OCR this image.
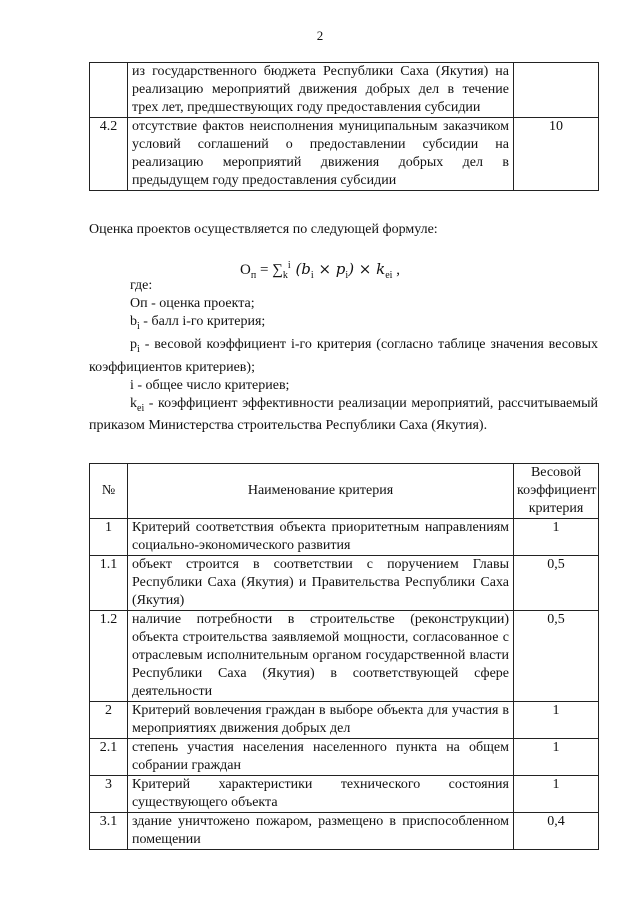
2
	из государственного бюджета Республики Саха (Якутия) на реализацию мероприятий движения добрых дел в течение трех лет, предшествующих году предоставления субсидии	
4.2	отсутствие фактов неисполнения муниципальным заказчиком условий соглашений о предоставлении субсидии на реализацию мероприятий движения добрых дел в предыдущем году предоставления субсидии	10
Оценка проектов осуществляется по следующей формуле:
$О_п = \sum_k^i$ $(b_i \times p_i) \times k_{ei}$ ,

где:

Оп - оценка проекта;

$b_i$ - балл i-го критерия;

$p_i$ - весовой коэффициент i-го критерия (согласно таблице значения весовых коэффициентов критериев);

i - общее число критериев;

$k_{ei}$ - коэффициент эффективности реализации мероприятий, рассчитываемый приказом Министерства строительства Республики Саха (Якутия).

№	Наименование критерия	Весовой коэффициент критерия
1	Критерий соответствия объекта приоритетным направлениям социально-экономического развития	1
1.1	объект строится в соответствии с поручением Главы Республики Саха (Якутия) и Правительства Республики Саха (Якутия)	0,5
1.2	наличие потребности в строительстве (реконструкции) объекта строительства заявляемой мощности, согласованное с отраслевым исполнительным органом государственной власти Республики Саха (Якутия) в соответствующей сфере деятельности	0,5
2	Критерий вовлечения граждан в выборе объекта для участия в мероприятиях движения добрых дел	1
2.1	степень участия населения населенного пункта на общем собрании граждан	1
3	Критерий характеристики технического состояния существующего объекта	1
3.1	здание уничтожено пожаром, размещено в приспособленном помещении	0,4
